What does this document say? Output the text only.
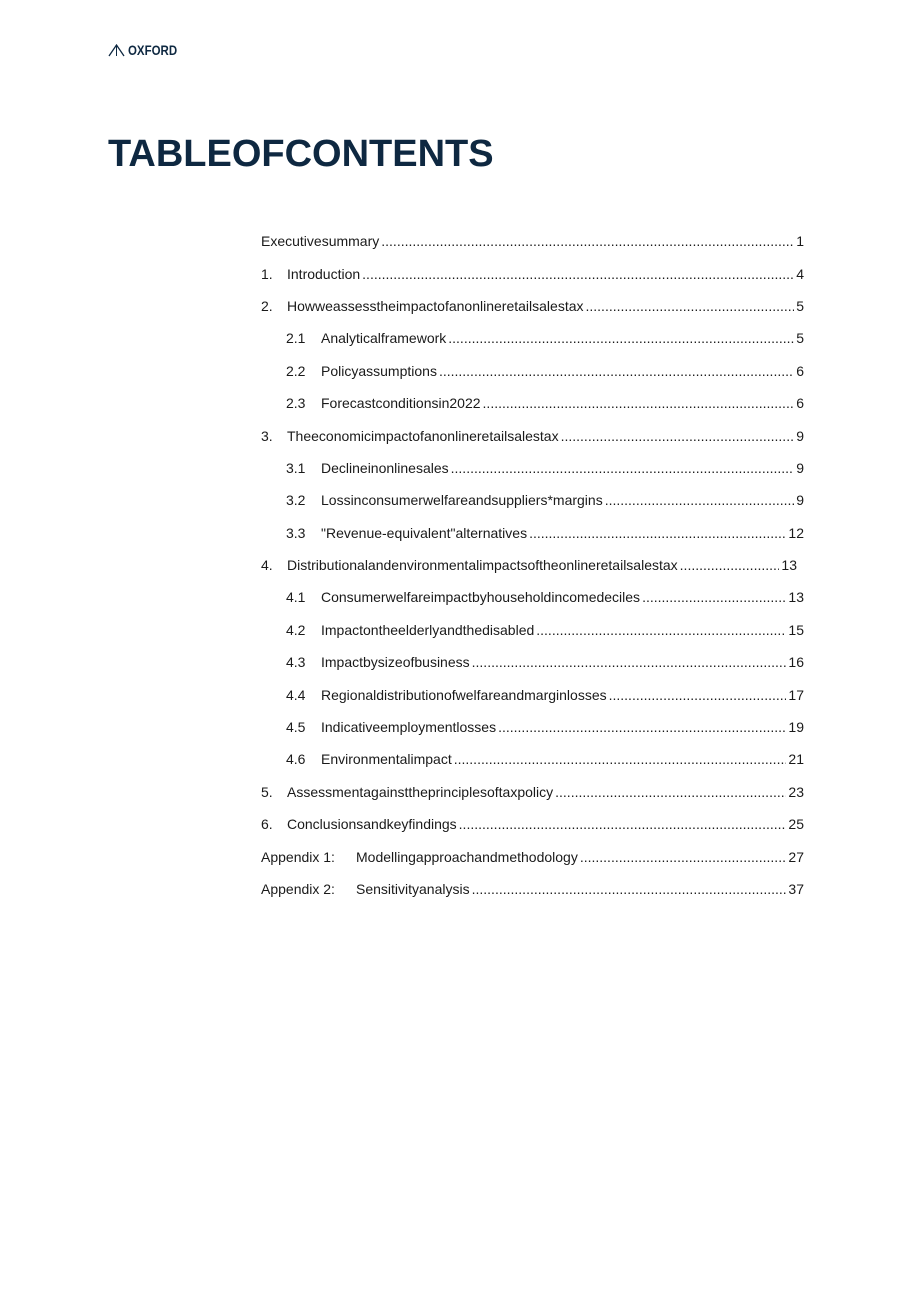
OXFORD
TABLEOFCONTENTS
Executivesummary .....	1
1.	Introduction .....	4
2.	Howweassesstheimpactofanonlineretailsalestax .....	5
2.1	Analyticalframework .....	5
2.2	Policyassumptions .....	6
2.3	Forecastconditionsin2022 .....	6
3.	Theeconomicimpactofanonlineretailsalestax .....	9
3.1	Declineinonlinesales .....	9
3.2	Lossinconsumerwelfareandsuppliers*margins .....	9
3.3	"Revenue-equivalent"alternatives .....	12
4.	Distributionalandenvironmentalimpactsoftheonlineretailsalestax .....	13
4.1	Consumerwelfareimpactbyhouseholdincomedeciles .....	13
4.2	Impactontheelderlyandthedisabled .....	15
4.3	Impactbysizeofbusiness .....	16
4.4	Regionaldistributionofwelfareandmarginlosses .....	17
4.5	Indicativeemploymentlosses .....	19
4.6	Environmentalimpact .....	21
5.	Assessmentagainsttheprinciplesoftaxpolicy .....	23
6.	Conclusionsandkeyfindings .....	25
Appendix 1:	Modellingapproachandmethodology .....	27
Appendix 2:	Sensitivityanalysis .....	37
